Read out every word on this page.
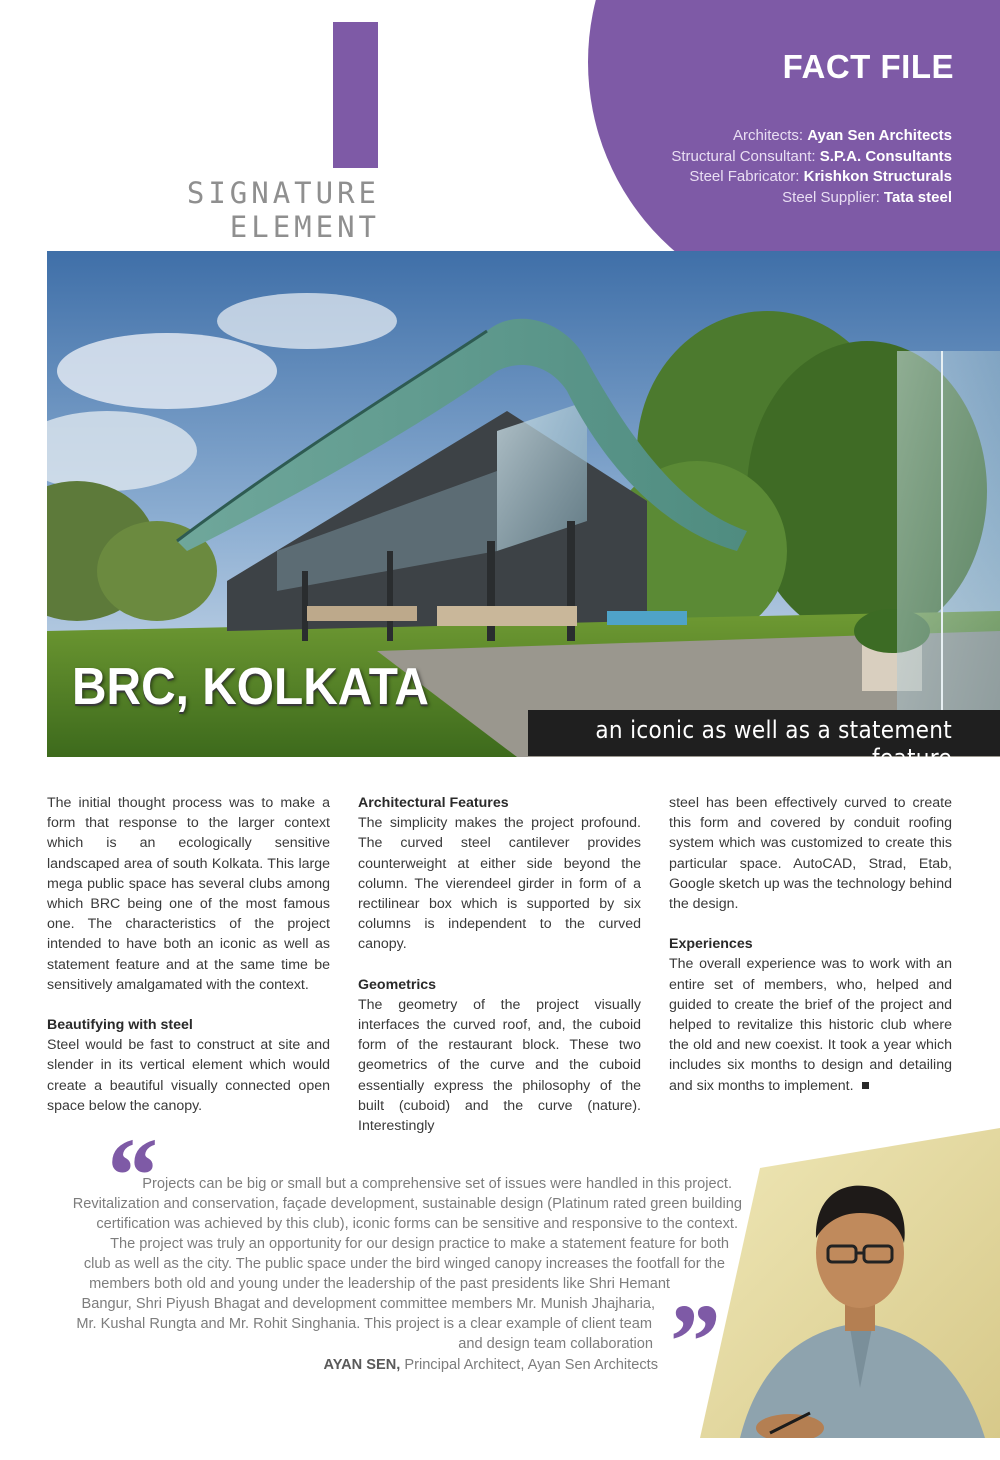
SIGNATURE
ELEMENT
FACT FILE
Architects: Ayan Sen Architects
Structural Consultant: S.P.A. Consultants
Steel Fabricator: Krishkon Structurals
Steel Supplier: Tata steel
BRC, KOLKATA
an iconic as well as a statement feature

The initial thought process was to make a form that response to the larger context which is an ecologically sensitive landscaped area of south Kolkata. This large mega public space has several clubs among which BRC being one of the most famous one. The characteristics of the project intended to have both an iconic as well as statement feature and at the same time be sensitively amalgamated with the context.

Beautifying with steel

Steel would be fast to construct at site and slender in its vertical element which would create a beautiful visually connected open space below the canopy.

Architectural Features

The simplicity makes the project profound. The curved steel cantilever provides counterweight at either side beyond the column. The vierendeel girder in form of a rectilinear box which is supported by six columns is independent to the curved canopy.

Geometrics

The geometry of the project visually interfaces the curved roof, and, the cuboid form of the restaurant block. These two geometrics of the curve and the cuboid essentially express the philosophy of the built (cuboid) and the curve (nature). Interestingly

steel has been effectively curved to create this form and covered by conduit roofing system which was customized to create this particular space. AutoCAD, Strad, Etab, Google sketch up was the technology behind the design.

Experiences

The overall experience was to work with an entire set of members, who, helped and guided to create the brief of the project and helped to revitalize this historic club where the old and new coexist. It took a year which includes six months to design and detailing and six months to implement.

“
”
Projects can be big or small but a comprehensive set of issues were handled in this project.
Revitalization and conservation, façade development, sustainable design (Platinum rated green building
certification was achieved by this club), iconic forms can be sensitive and responsive to the context.
The project was truly an opportunity for our design practice to make a statement feature for both
club as well as the city. The public space under the bird winged canopy increases the footfall for the
members both old and young under the leadership of the past presidents like Shri Hemant
Bangur, Shri Piyush Bhagat and development committee members Mr. Munish Jhajharia,
Mr. Kushal Rungta and Mr. Rohit Singhania. This project is a clear example of client team
and design team collaboration
AYAN SEN, Principal Architect, Ayan Sen Architects
